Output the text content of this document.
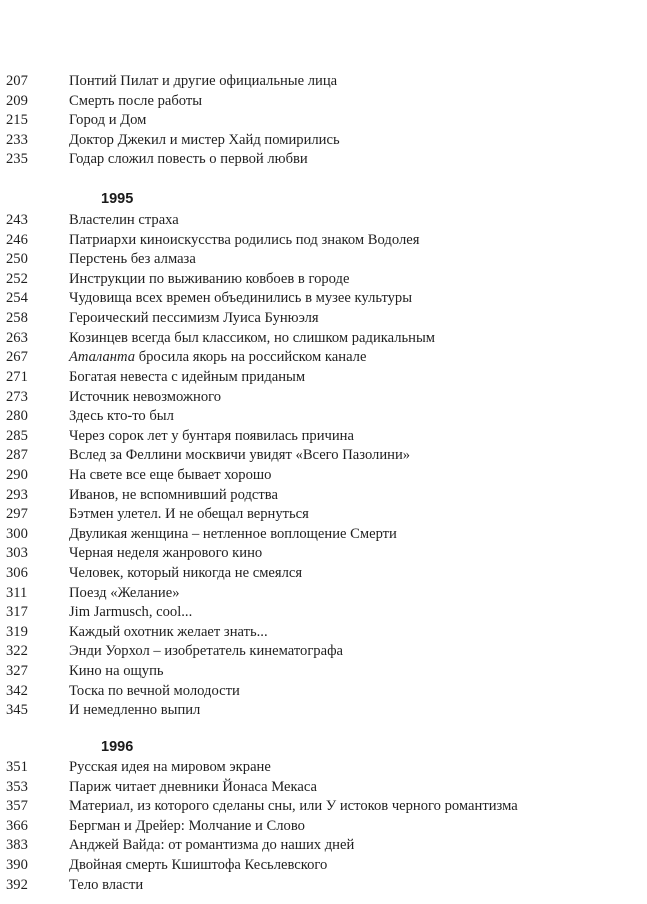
207	Понтий Пилат и другие официальные лица
209	Смерть после работы
215	Город и Дом
233	Доктор Джекил и мистер Хайд помирились
235	Годар сложил повесть о первой любви
1995
243	Властелин страха
246	Патриархи киноискусства родились под знаком Водолея
250	Перстень без алмаза
252	Инструкции по выживанию ковбоев в городе
254	Чудовища всех времен объединились в музее культуры
258	Героический пессимизм Луиса Бунюэля
263	Козинцев всегда был классиком, но слишком радикальным
267	Аталанта бросила якорь на российском канале
271	Богатая невеста с идейным приданым
273	Источник невозможного
280	Здесь кто-то был
285	Через сорок лет у бунтаря появилась причина
287	Вслед за Феллини москвичи увидят «Всего Пазолини»
290	На свете все еще бывает хорошо
293	Иванов, не вспомнивший родства
297	Бэтмен улетел. И не обещал вернуться
300	Двуликая женщина – нетленное воплощение Смерти
303	Черная неделя жанрового кино
306	Человек, который никогда не смеялся
311	Поезд «Желание»
317	Jim Jarmusch, cool...
319	Каждый охотник желает знать...
322	Энди Уорхол – изобретатель кинематографа
327	Кино на ощупь
342	Тоска по вечной молодости
345	И немедленно выпил
1996
351	Русская идея на мировом экране
353	Париж читает дневники Йонаса Мекаса
357	Материал, из которого сделаны сны, или У истоков черного романтизма
366	Бергман и Дрейер: Молчание и Слово
383	Анджей Вайда: от романтизма до наших дней
390	Двойная смерть Кшиштофа Кесьлевского
392	Тело власти
